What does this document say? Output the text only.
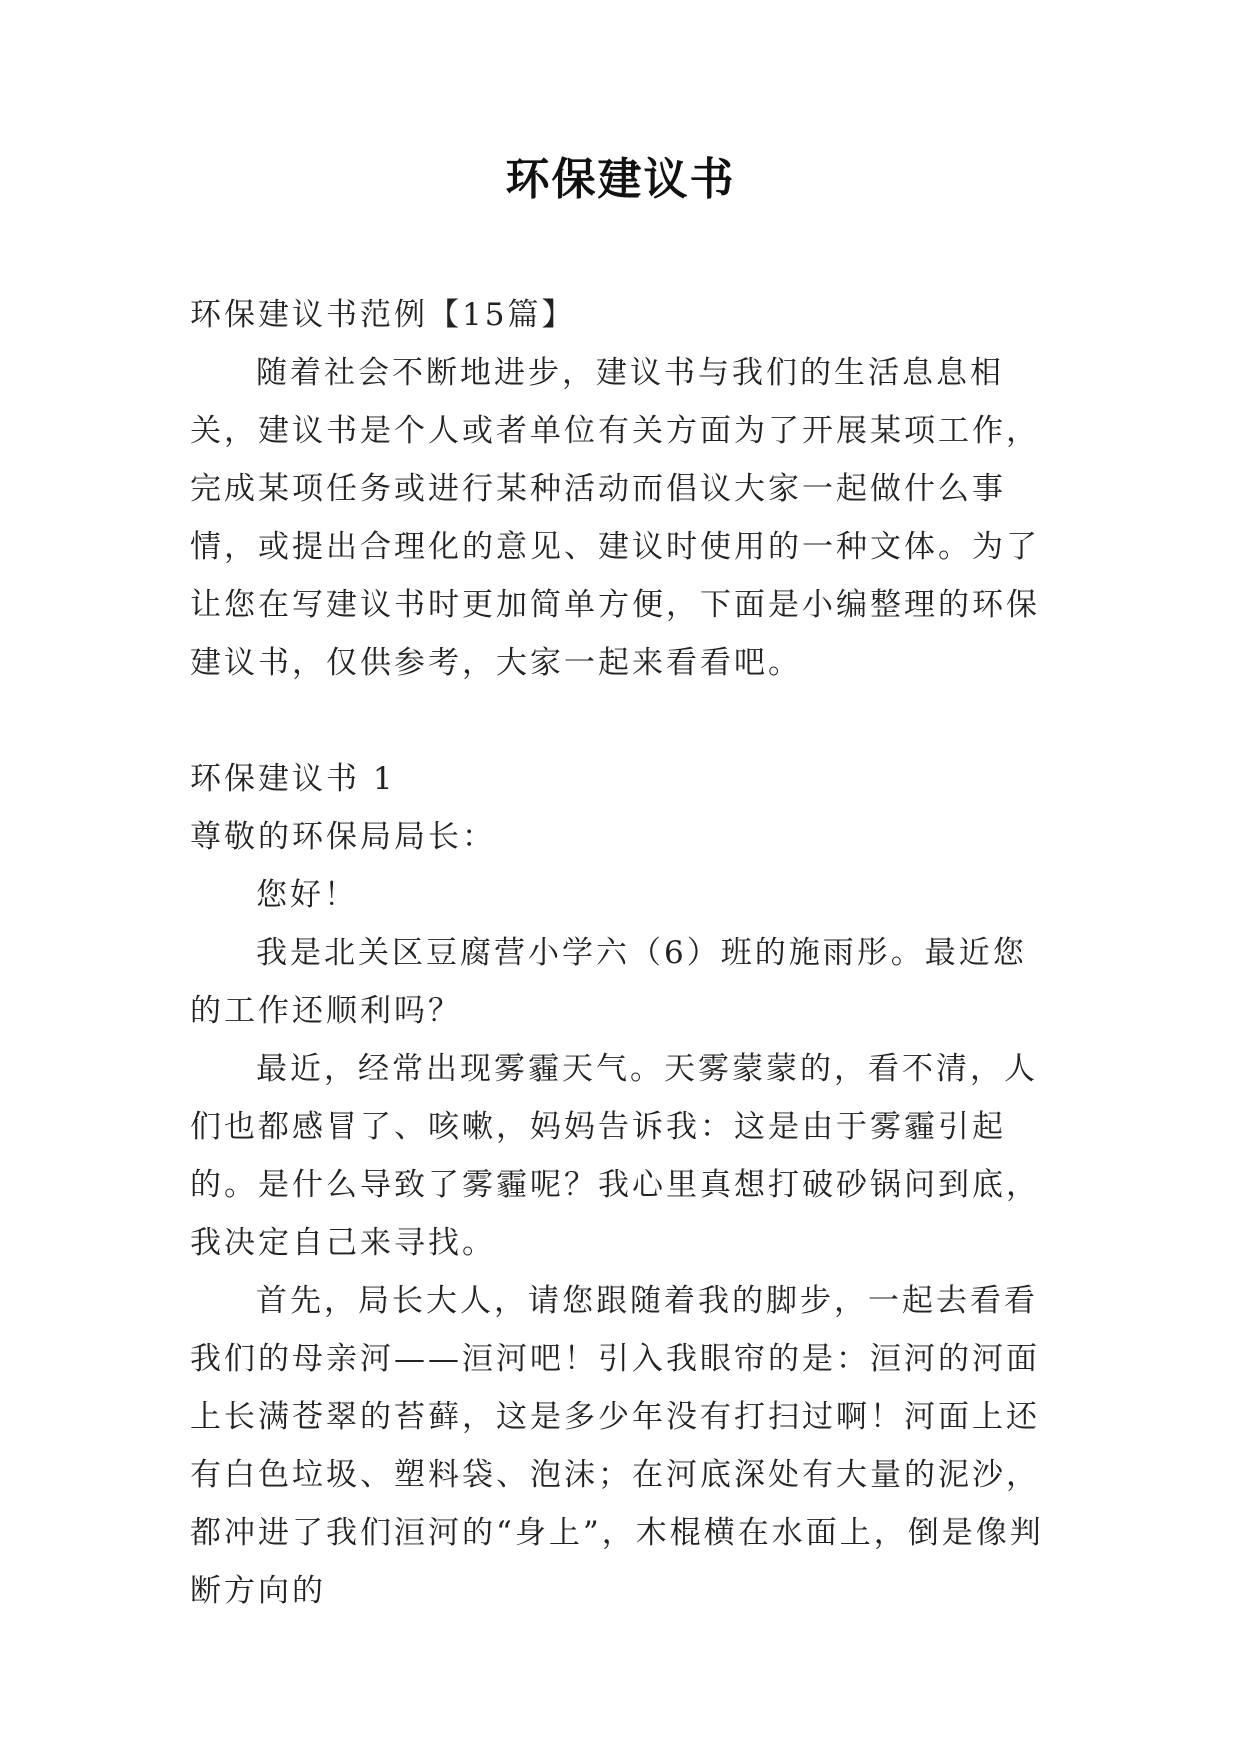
环保建议书

环保建议书范例【15篇】

随着社会不断地进步，建议书与我们的生活息息相关，建议书是个人或者单位有关方面为了开展某项工作，完成某项任务或进行某种活动而倡议大家一起做什么事情，或提出合理化的意见、建议时使用的一种文体。为了让您在写建议书时更加简单方便，下面是小编整理的环保建议书，仅供参考，大家一起来看看吧。

环保建议书 1

尊敬的环保局局长：

您好！

我是北关区豆腐营小学六（6）班的施雨彤。最近您的工作还顺利吗？

最近，经常出现雾霾天气。天雾蒙蒙的，看不清，人们也都感冒了、咳嗽，妈妈告诉我：这是由于雾霾引起的。是什么导致了雾霾呢？我心里真想打破砂锅问到底，我决定自己来寻找。

首先，局长大人，请您跟随着我的脚步，一起去看看我们的母亲河——洹河吧！引入我眼帘的是：洹河的河面上长满苍翠的苔藓，这是多少年没有打扫过啊！河面上还有白色垃圾、塑料袋、泡沫；在河底深处有大量的泥沙，都冲进了我们洹河的“身上”，木棍横在水面上，倒是像判断方向的
